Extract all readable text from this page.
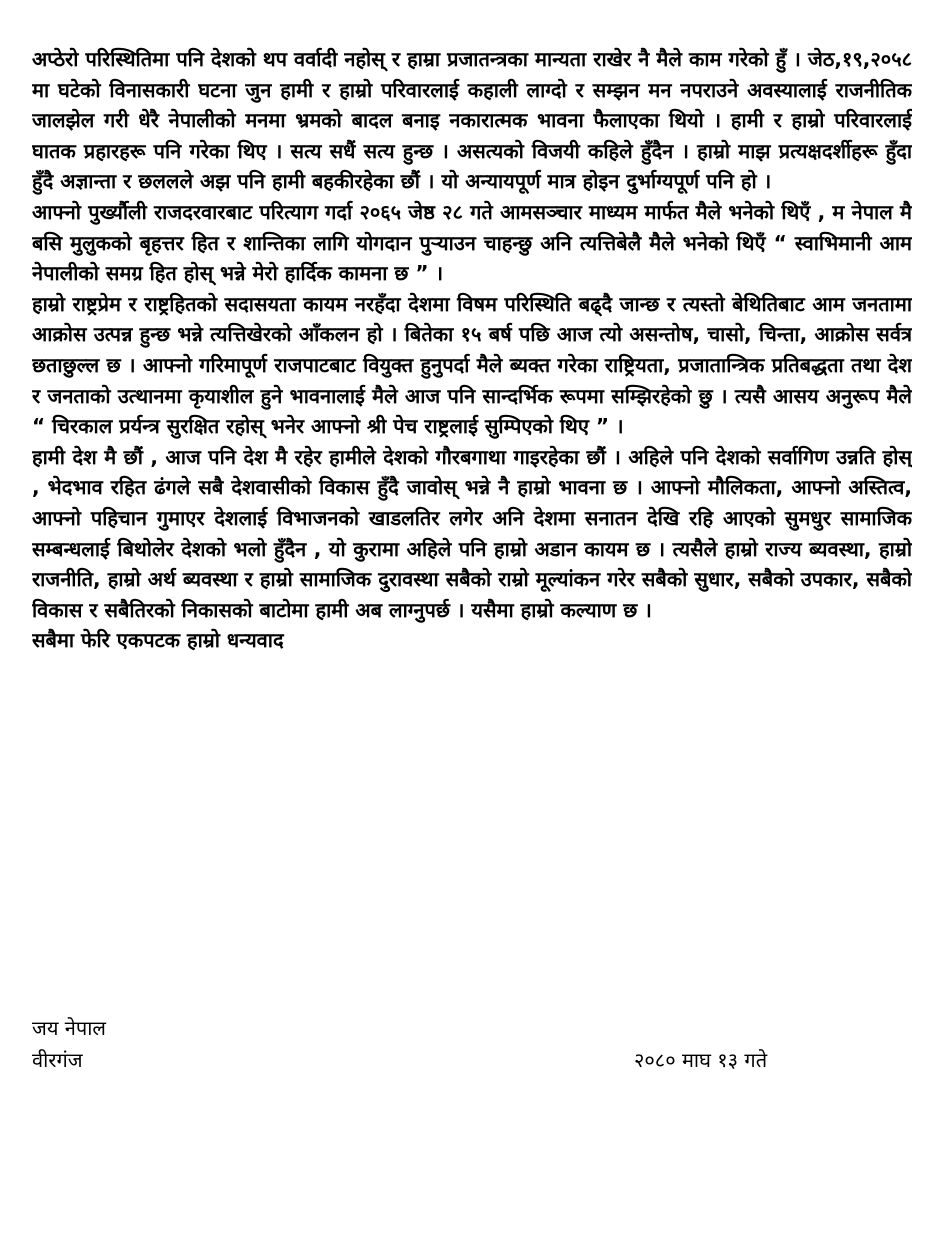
अप्ठेरो परिस्थितिमा पनि देशको थप वर्वादी नहोस् र हाम्रा प्रजातन्त्रका मान्यता राखेर नै मैले काम गरेको हुँ । जेठ,१९,२०५८ मा घटेको विनासकारी घटना जुन हामी र हाम्रो परिवारलाई कहाली लाग्दो र सम्झन मन नपराउने अवस्यालाई राजनीतिक जालझेल गरी धेरै नेपालीको मनमा भ्रमको बादल बनाइ नकारात्मक भावना फैलाएका थियो । हामी र हाम्रो परिवारलाई घातक प्रहारहरू पनि गरेका थिए । सत्य सधैं सत्य हुन्छ । असत्यको विजयी कहिले हुँदैन । हाम्रो माझ प्रत्यक्षदर्शीहरू हुँदा हुँदै अज्ञान्ता र छललले अझ पनि हामी बहकीरहेका छौं । यो अन्यायपूर्ण मात्र होइन दुर्भाग्यपूर्ण पनि हो ।

आफ्नो पुर्ख्यौली राजदरवारबाट परित्याग गर्दा २०६५ जेष्ठ २८ गते आमसञ्चार माध्यम मार्फत मैले भनेको थिएँ , म नेपाल मै बसि मुलुकको बृहत्तर हित र शान्तिका लागि योगदान पुर्‍याउन चाहन्छु अनि त्यत्तिबेलै मैले भनेको थिएँ “ स्वाभिमानी आम नेपालीको समग्र हित होस् भन्ने मेरो हार्दिक कामना छ ” ।

हाम्रो राष्ट्रप्रेम र राष्ट्रहितको सदासयता कायम नरहँदा देशमा विषम परिस्थिति बढ्दै जान्छ र त्यस्तो बेथितिबाट आम जनतामा आक्रोस उत्पन्न हुन्छ भन्ने त्यत्तिखेरको आँकलन हो । बितेका १५ बर्ष पछि आज त्यो असन्तोष, चासो, चिन्ता, आक्रोस सर्वत्र छताछुल्ल छ । आफ्नो गरिमापूर्ण राजपाटबाट वियुक्त हुनुपर्दा मैले ब्यक्त गरेका राष्ट्रियता, प्रजातान्त्रिक प्रतिबद्धता तथा देश र जनताको उत्थानमा कृयाशील हुने भावनालाई मैले आज पनि सान्दर्भिक रूपमा सम्झिरहेको छु । त्यसै आसय अनुरूप मैले “ चिरकाल प्रर्यन्त्र सुरक्षित रहोस् भनेर आफ्नो श्री पेच राष्ट्रलाई सुम्पिएको थिए ” ।

हामी देश मै छौं , आज पनि देश मै रहेर हामीले देशको गौरबगाथा गाइरहेका छौं । अहिले पनि देशको सर्वागिण उन्नति होस् , भेदभाव रहित ढंगले सबै देशवासीको विकास हुँदै जावोस् भन्ने नै हाम्रो भावना छ । आफ्नो मौलिकता, आफ्नो अस्तित्व, आफ्नो पहिचान गुमाएर देशलाई विभाजनको खाडलतिर लगेर अनि देशमा सनातन देखि रहि आएको सुमधुर सामाजिक सम्बन्धलाई बिथोलेर देशको भलो हुँदैन , यो कुरामा अहिले पनि हाम्रो अडान कायम छ । त्यसैले हाम्रो राज्य ब्यवस्था, हाम्रो राजनीति, हाम्रो अर्थ ब्यवस्था र हाम्रो सामाजिक दुरावस्था सबैको राम्रो मूल्यांकन गरेर सबैको सुधार, सबैको उपकार, सबैको विकास र सबैतिरको निकासको बाटोमा हामी अब लाग्नुपर्छ । यसैमा हाम्रो कल्याण छ ।

सबैमा फेरि एकपटक हाम्रो धन्यवाद

जय नेपाल
वीरगंज	२०८० माघ १३ गते
